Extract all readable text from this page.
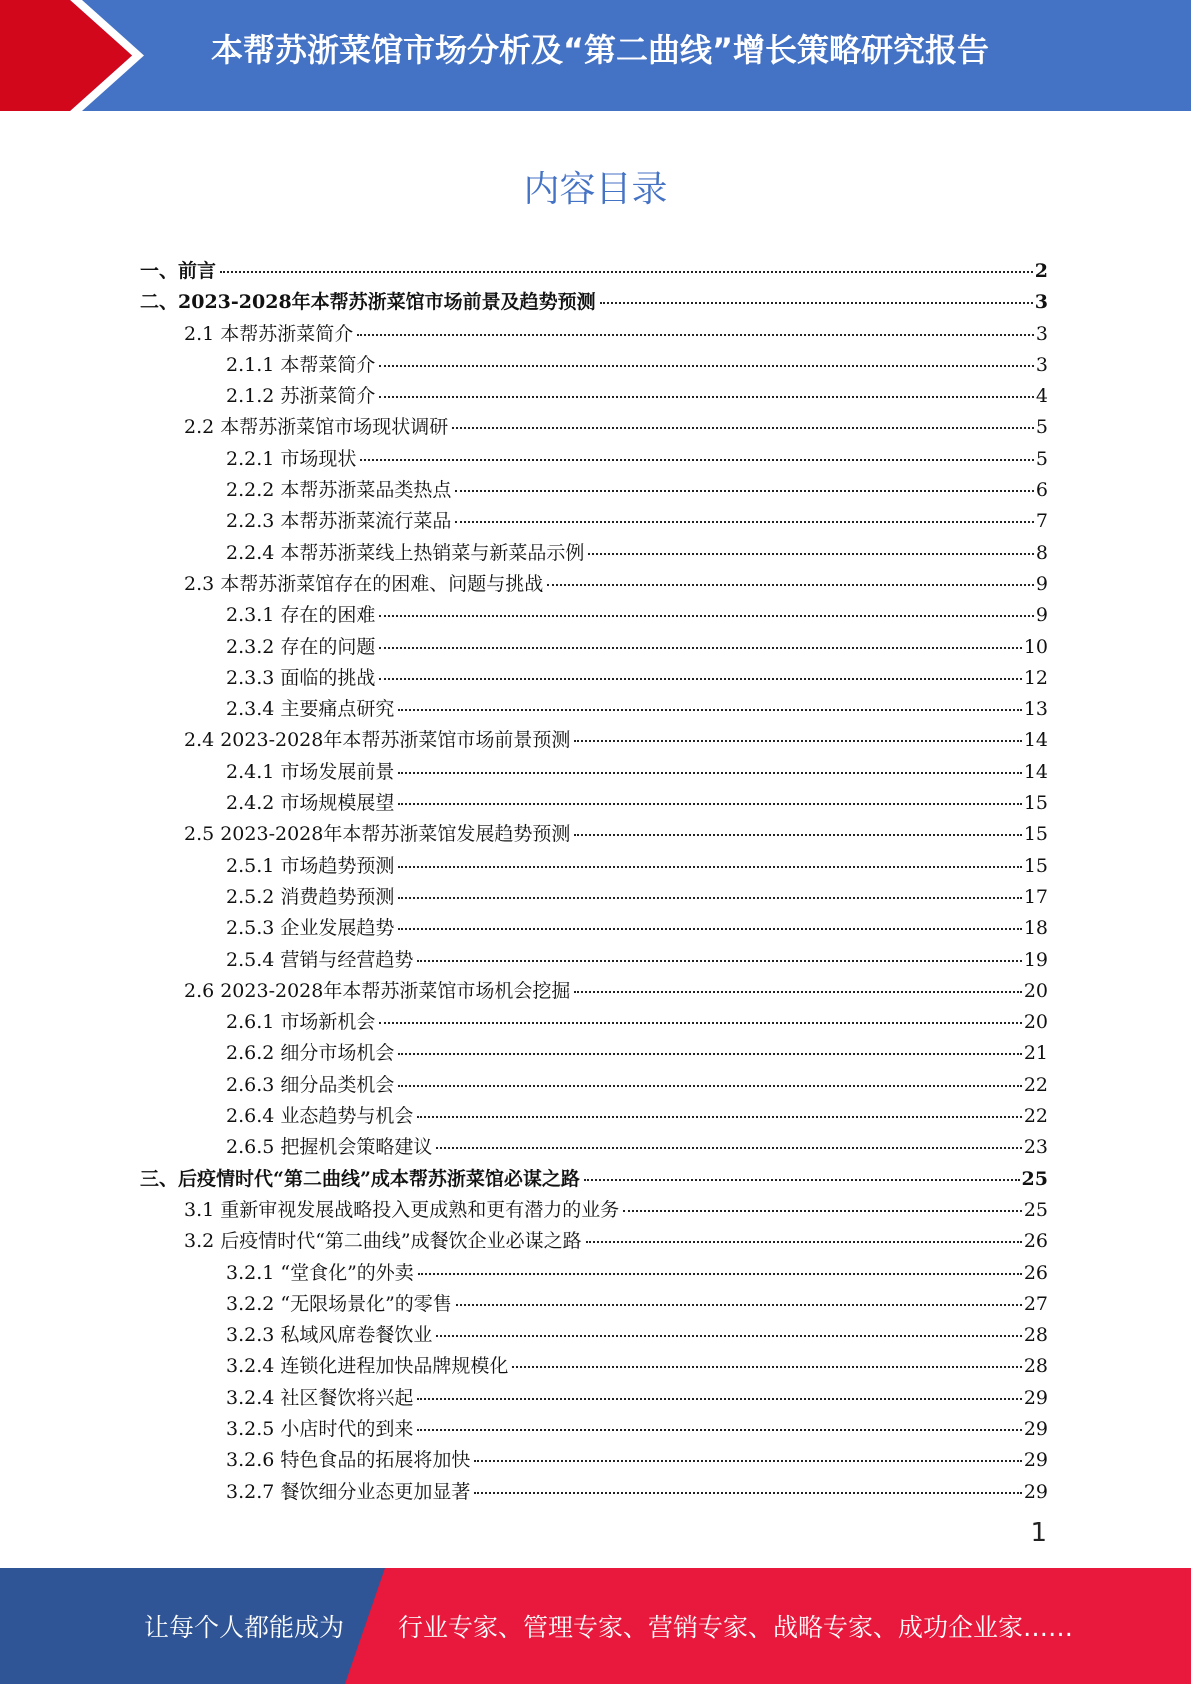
本帮苏浙菜馆市场分析及“第二曲线”增长策略研究报告
内容目录
一、 前言	2
二、 2023-2028年本帮苏浙菜馆市场前景及趋势预测	3
2.1 本帮苏浙菜简介	3
2.1.1 本帮菜简介	3
2.1.2 苏浙菜简介	4
2.2 本帮苏浙菜馆市场现状调研	5
2.2.1 市场现状	5
2.2.2 本帮苏浙菜品类热点	6
2.2.3 本帮苏浙菜流行菜品	7
2.2.4 本帮苏浙菜线上热销菜与新菜品示例	8
2.3 本帮苏浙菜馆存在的困难、问题与挑战	9
2.3.1 存在的困难	9
2.3.2 存在的问题	10
2.3.3 面临的挑战	12
2.3.4 主要痛点研究	13
2.4 2023-2028年本帮苏浙菜馆市场前景预测	14
2.4.1 市场发展前景	14
2.4.2 市场规模展望	15
2.5 2023-2028年本帮苏浙菜馆发展趋势预测	15
2.5.1 市场趋势预测	15
2.5.2 消费趋势预测	17
2.5.3 企业发展趋势	18
2.5.4 营销与经营趋势	19
2.6 2023-2028年本帮苏浙菜馆市场机会挖掘	20
2.6.1 市场新机会	20
2.6.2 细分市场机会	21
2.6.3 细分品类机会	22
2.6.4 业态趋势与机会	22
2.6.5 把握机会策略建议	23
三、 后疫情时代“第二曲线”成本帮苏浙菜馆必谋之路	25
3.1 重新审视发展战略投入更成熟和更有潜力的业务	25
3.2 后疫情时代“第二曲线”成餐饮企业必谋之路	26
3.2.1 “堂食化”的外卖	26
3.2.2 “无限场景化”的零售	27
3.2.3 私域风席卷餐饮业	28
3.2.4 连锁化进程加快品牌规模化	28
3.2.4 社区餐饮将兴起	29
3.2.5 小店时代的到来	29
3.2.6 特色食品的拓展将加快	29
3.2.7 餐饮细分业态更加显著	29
1
让每个人都能成为 行业专家、管理专家、营销专家、战略专家、成功企业家……
